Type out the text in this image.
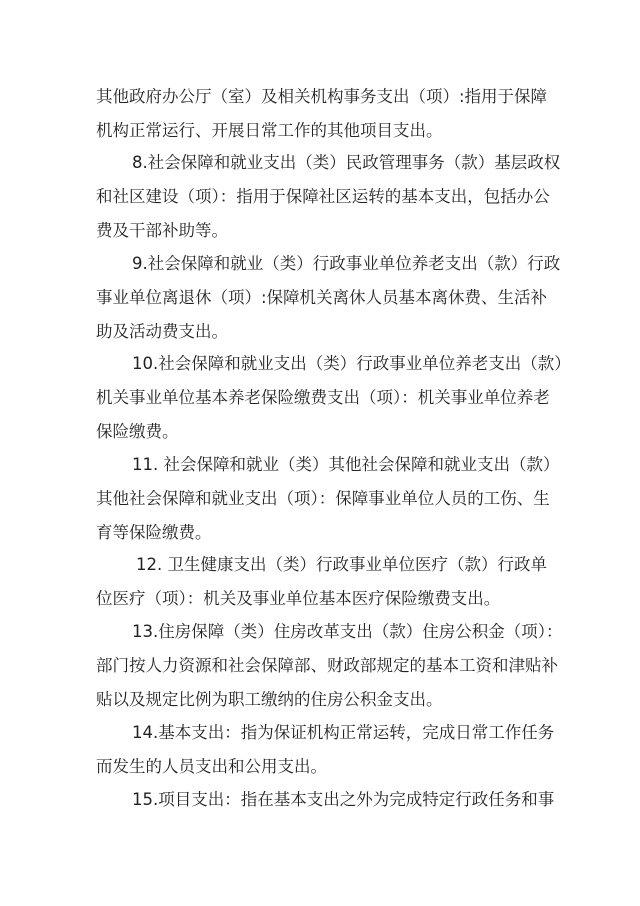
其他政府办公厅（室）及相关机构事务支出（项）:指用于保障
机构正常运行、开展日常工作的其他项目支出。
8.社会保障和就业支出（类）民政管理事务（款）基层政权
和社区建设（项）：指用于保障社区运转的基本支出，包括办公
费及干部补助等。
9.社会保障和就业（类）行政事业单位养老支出（款）行政
事业单位离退休（项）:保障机关离休人员基本离休费、生活补
助及活动费支出。
10.社会保障和就业支出（类）行政事业单位养老支出（款）
机关事业单位基本养老保险缴费支出（项）：机关事业单位养老
保险缴费。
11. 社会保障和就业（类）其他社会保障和就业支出（款）
其他社会保障和就业支出（项）：保障事业单位人员的工伤、生
育等保险缴费。
12. 卫生健康支出（类）行政事业单位医疗（款）行政单
位医疗（项）：机关及事业单位基本医疗保险缴费支出。
13.住房保障（类）住房改革支出（款）住房公积金（项）：
部门按人力资源和社会保障部、财政部规定的基本工资和津贴补
贴以及规定比例为职工缴纳的住房公积金支出。
14.基本支出：指为保证机构正常运转，完成日常工作任务
而发生的人员支出和公用支出。
15.项目支出：指在基本支出之外为完成特定行政任务和事
